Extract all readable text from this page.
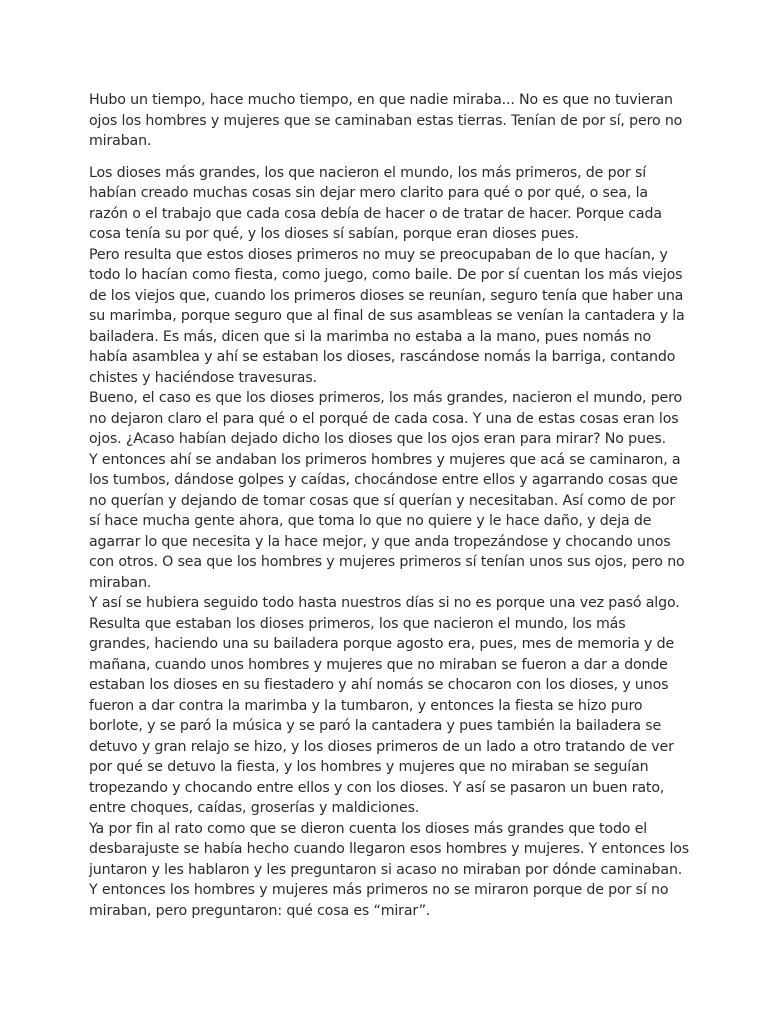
Hubo un tiempo, hace mucho tiempo, en que nadie miraba... No es que no tuvieran ojos los hombres y mujeres que se caminaban estas tierras. Tenían de por sí, pero no miraban.

Los dioses más grandes, los que nacieron el mundo, los más primeros, de por sí habían creado muchas cosas sin dejar mero clarito para qué o por qué, o sea, la razón o el trabajo que cada cosa debía de hacer o de tratar de hacer. Porque cada cosa tenía su por qué, y los dioses sí sabían, porque eran dioses pues.

Pero resulta que estos dioses primeros no muy se preocupaban de lo que hacían, y todo lo hacían como fiesta, como juego, como baile. De por sí cuentan los más viejos de los viejos que, cuando los primeros dioses se reunían, seguro tenía que haber una su marimba, porque seguro que al final de sus asambleas se venían la cantadera y la bailadera. Es más, dicen que si la marimba no estaba a la mano, pues nomás no había asamblea y ahí se estaban los dioses, rascándose nomás la barriga, contando chistes y haciéndose travesuras.

Bueno, el caso es que los dioses primeros, los más grandes, nacieron el mundo, pero no dejaron claro el para qué o el porqué de cada cosa. Y una de estas cosas eran los ojos. ¿Acaso habían dejado dicho los dioses que los ojos eran para mirar? No pues.

Y entonces ahí se andaban los primeros hombres y mujeres que acá se caminaron, a los tumbos, dándose golpes y caídas, chocándose entre ellos y agarrando cosas que no querían y dejando de tomar cosas que sí querían y necesitaban. Así como de por sí hace mucha gente ahora, que toma lo que no quiere y le hace daño, y deja de agarrar lo que necesita y la hace mejor, y que anda tropezándose y chocando unos con otros. O sea que los hombres y mujeres primeros sí tenían unos sus ojos, pero no miraban.

Y así se hubiera seguido todo hasta nuestros días si no es porque una vez pasó algo. Resulta que estaban los dioses primeros, los que nacieron el mundo, los más grandes, haciendo una su bailadera porque agosto era, pues, mes de memoria y de mañana, cuando unos hombres y mujeres que no miraban se fueron a dar a donde estaban los dioses en su fiestadero y ahí nomás se chocaron con los dioses, y unos fueron a dar contra la marimba y la tumbaron, y entonces la fiesta se hizo puro borlote, y se paró la música y se paró la cantadera y pues también la bailadera se detuvo y gran relajo se hizo, y los dioses primeros de un lado a otro tratando de ver por qué se detuvo la fiesta, y los hombres y mujeres que no miraban se seguían tropezando y chocando entre ellos y con los dioses. Y así se pasaron un buen rato, entre choques, caídas, groserías y maldiciones.

Ya por fin al rato como que se dieron cuenta los dioses más grandes que todo el desbarajuste se había hecho cuando llegaron esos hombres y mujeres. Y entonces los juntaron y les hablaron y les preguntaron si acaso no miraban por dónde caminaban. Y entonces los hombres y mujeres más primeros no se miraron porque de por sí no miraban, pero preguntaron: qué cosa es “mirar”.
